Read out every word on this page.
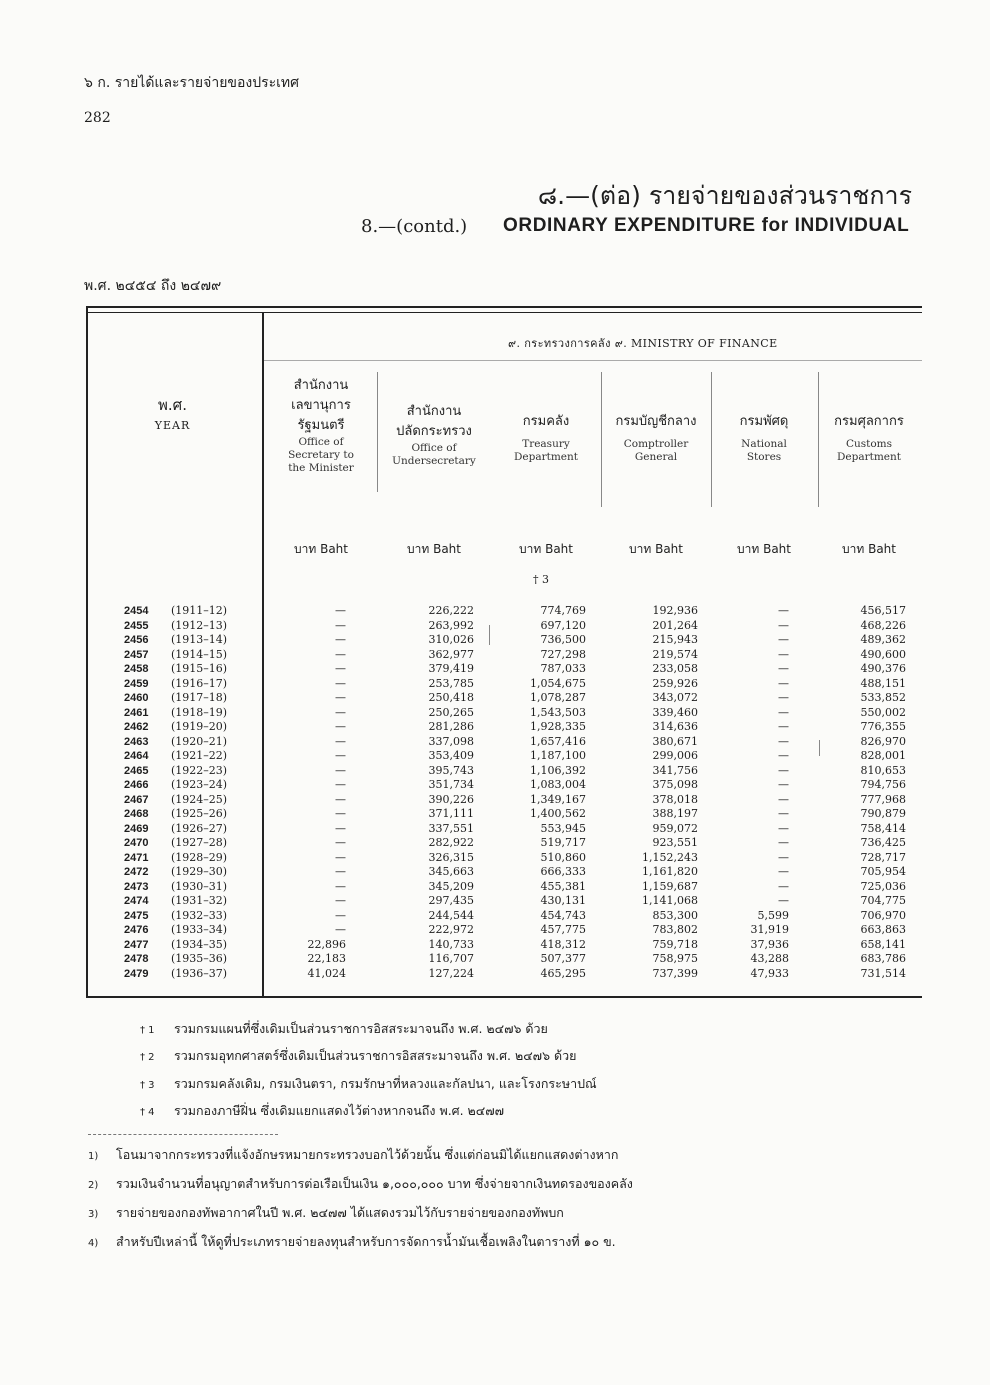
๖ ก. รายได้และรายจ่ายของประเทศ
282
๘.—(ต่อ) รายจ่ายของส่วนราชการ
8.—(contd.) ORDINARY EXPENDITURE for INDIVIDUAL
พ.ศ. ๒๔๕๔ ถึง ๒๔๗๙
๙. กระทรวงการคลัง ๙. MINISTRY OF FINANCE
พ.ศ.
YEAR
สำนักงาน
เลขานุการ
รัฐมนตรี
Office of
Secretary to
the Minister
สำนักงาน
ปลัดกระทรวง
Office of
Undersecretary
กรมคลัง
Treasury
Department
กรมบัญชีกลาง
Comptroller
General
กรมพัศดุ
National
Stores
กรมศุลกากร
Customs
Department
บาท Baht	บาท Baht	บาท Baht	บาท Baht	บาท Baht	บาท Baht
† 3
2454 (1911–12)	—	226,222	774,769	192,936	—	456,517
2455 (1912–13)	—	263,992	697,120	201,264	—	468,226
2456 (1913–14)	—	310,026	736,500	215,943	—	489,362
2457 (1914–15)	—	362,977	727,298	219,574	—	490,600
2458 (1915–16)	—	379,419	787,033	233,058	—	490,376
2459 (1916–17)	—	253,785	1,054,675	259,926	—	488,151
2460 (1917–18)	—	250,418	1,078,287	343,072	—	533,852
2461 (1918–19)	—	250,265	1,543,503	339,460	—	550,002
2462 (1919–20)	—	281,286	1,928,335	314,636	—	776,355
2463 (1920–21)	—	337,098	1,657,416	380,671	—	826,970
2464 (1921–22)	—	353,409	1,187,100	299,006	—	828,001
2465 (1922–23)	—	395,743	1,106,392	341,756	—	810,653
2466 (1923–24)	—	351,734	1,083,004	375,098	—	794,756
2467 (1924–25)	—	390,226	1,349,167	378,018	—	777,968
2468 (1925–26)	—	371,111	1,400,562	388,197	—	790,879
2469 (1926–27)	—	337,551	553,945	959,072	—	758,414
2470 (1927–28)	—	282,922	519,717	923,551	—	736,425
2471 (1928–29)	—	326,315	510,860	1,152,243	—	728,717
2472 (1929–30)	—	345,663	666,333	1,161,820	—	705,954
2473 (1930–31)	—	345,209	455,381	1,159,687	—	725,036
2474 (1931–32)	—	297,435	430,131	1,141,068	—	704,775
2475 (1932–33)	—	244,544	454,743	853,300	5,599	706,970
2476 (1933–34)	—	222,972	457,775	783,802	31,919	663,863
2477 (1934–35)	22,896	140,733	418,312	759,718	37,936	658,141
2478 (1935–36)	22,183	116,707	507,377	758,975	43,288	683,786
2479 (1936–37)	41,024	127,224	465,295	737,399	47,933	731,514
† 1 รวมกรมแผนที่ซึ่งเดิมเป็นส่วนราชการอิสสระมาจนถึง พ.ศ. ๒๔๗๖ ด้วย
† 2 รวมกรมอุทกศาสตร์ซึ่งเดิมเป็นส่วนราชการอิสสระมาจนถึง พ.ศ. ๒๔๗๖ ด้วย
† 3 รวมกรมคลังเดิม, กรมเงินตรา, กรมรักษาที่หลวงและกัลปนา, และโรงกระษาปณ์
† 4 รวมกองภาษีฝิ่น ซึ่งเดิมแยกแสดงไว้ต่างหากจนถึง พ.ศ. ๒๔๗๗
1) โอนมาจากกระทรวงที่แจ้งอักษรหมายกระทรวงบอกไว้ด้วยนั้น ซึ่งแต่ก่อนมิได้แยกแสดงต่างหาก
2) รวมเงินจำนวนที่อนุญาตสำหรับการต่อเรือเป็นเงิน ๑,๐๐๐,๐๐๐ บาท ซึ่งจ่ายจากเงินทดรองของคลัง
3) รายจ่ายของกองทัพอากาศในปี พ.ศ. ๒๔๗๗ ได้แสดงรวมไว้กับรายจ่ายของกองทัพบก
4) สำหรับปีเหล่านี้ ให้ดูที่ประเภทรายจ่ายลงทุนสำหรับการจัดการน้ำมันเชื้อเพลิงในตารางที่ ๑๐ ข.
